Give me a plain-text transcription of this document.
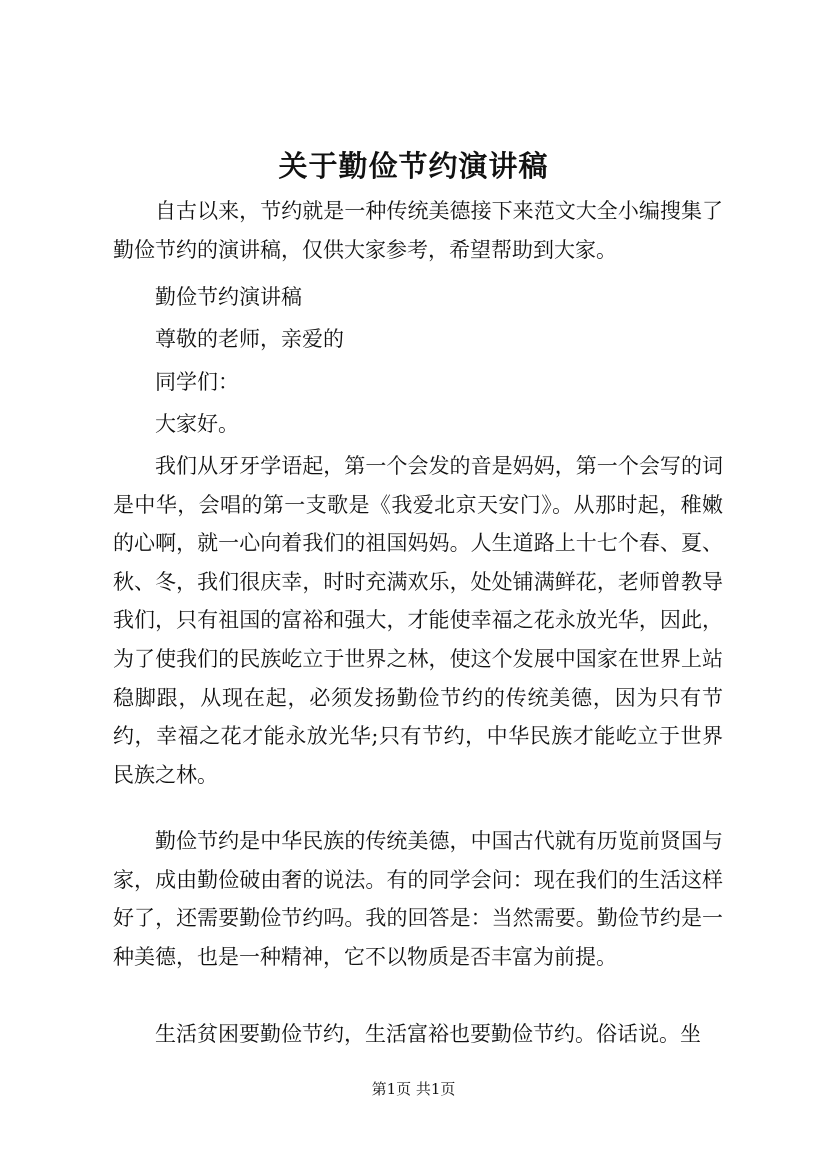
关于勤俭节约演讲稿

自古以来，节约就是一种传统美德接下来范文大全小编搜集了勤俭节约的演讲稿，仅供大家参考，希望帮助到大家。

勤俭节约演讲稿

尊敬的老师，亲爱的

同学们：

大家好。

我们从牙牙学语起，第一个会发的音是妈妈，第一个会写的词是中华，会唱的第一支歌是《我爱北京天安门》。从那时起，稚嫩的心啊，就一心向着我们的祖国妈妈。人生道路上十七个春、夏、秋、冬，我们很庆幸，时时充满欢乐，处处铺满鲜花，老师曾教导我们，只有祖国的富裕和强大，才能使幸福之花永放光华，因此，为了使我们的民族屹立于世界之林，使这个发展中国家在世界上站稳脚跟，从现在起，必须发扬勤俭节约的传统美德，因为只有节约，幸福之花才能永放光华;只有节约，中华民族才能屹立于世界民族之林。

勤俭节约是中华民族的传统美德，中国古代就有历览前贤国与家，成由勤俭破由奢的说法。有的同学会问：现在我们的生活这样好了，还需要勤俭节约吗。我的回答是：当然需要。勤俭节约是一种美德，也是一种精神，它不以物质是否丰富为前提。

生活贫困要勤俭节约，生活富裕也要勤俭节约。俗话说。坐

第1页 共1页
